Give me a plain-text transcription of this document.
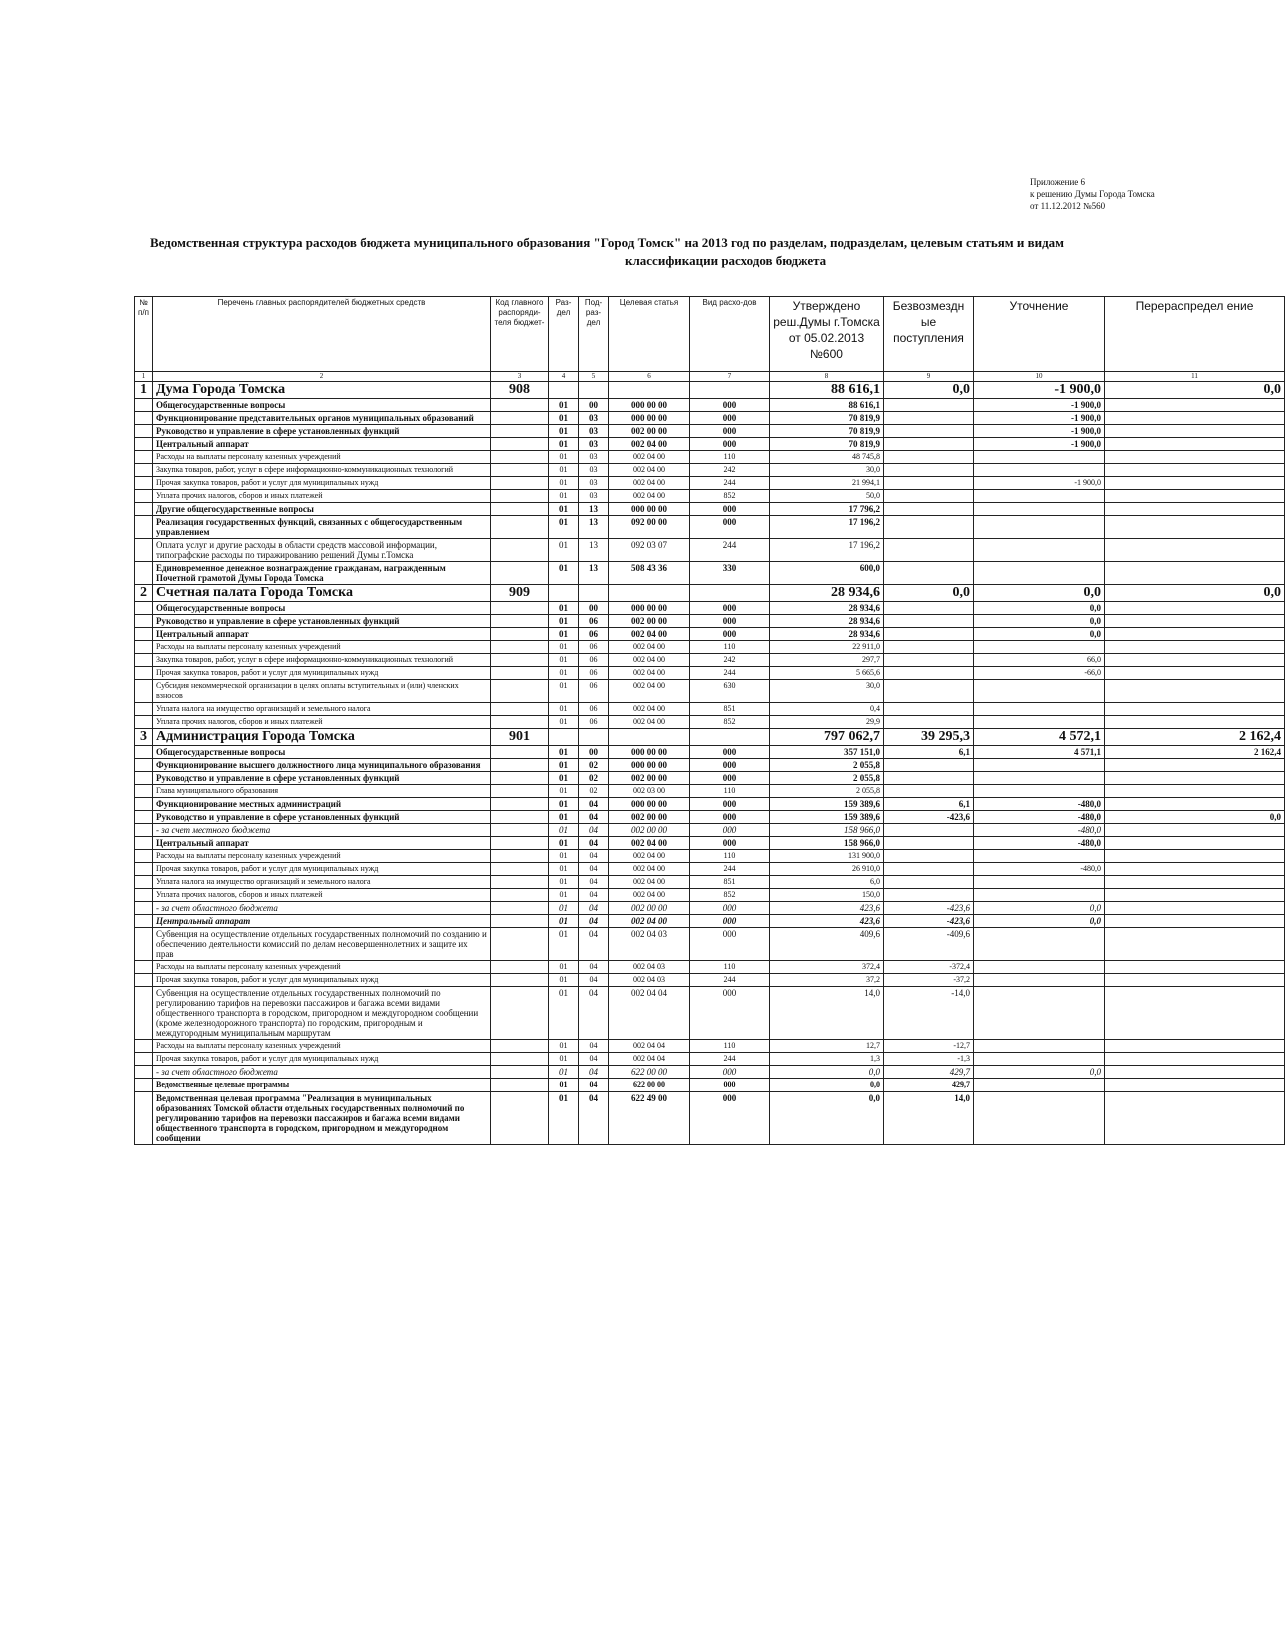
Приложение 6
к решению Думы Города Томска
от 11.12.2012 №560
Ведомственная структура расходов бюджета муниципального образования "Город Томск" на 2013 год по разделам, подразделам, целевым статьям и видам
классификации расходов бюджета
№ п/п	Перечень главных распорядителей бюджетных средств	Код главного распоряди-теля бюджет-	Раз-дел	Под-раз-дел	Целевая статья	Вид расхо-дов	Утверждено реш.Думы г.Томска от 05.02.2013 №600	Безвозмездн ые поступления	Уточнение	Перераспредел ение
1	2	3	4	5	6	7	8	9	10	11
1	Дума Города Томска	908					88 616,1	0,0	-1 900,0	0,0
	Общегосударственные вопросы		01	00	000 00 00	000	88 616,1		-1 900,0	
	Функционирование представительных органов муниципальных образований		01	03	000 00 00	000	70 819,9		-1 900,0	
	Руководство и управление в сфере установленных функций		01	03	002 00 00	000	70 819,9		-1 900,0	
	Центральный аппарат		01	03	002 04 00	000	70 819,9		-1 900,0	
	Расходы на выплаты персоналу казенных учреждений		01	03	002 04 00	110	48 745,8			
	Закупка товаров, работ, услуг в сфере информационно-коммуникационных технологий		01	03	002 04 00	242	30,0			
	Прочая закупка товаров, работ и услуг для муниципальных нужд		01	03	002 04 00	244	21 994,1		-1 900,0	
	Уплата прочих налогов, сборов и иных платежей		01	03	002 04 00	852	50,0			
	Другие общегосударственные вопросы		01	13	000 00 00	000	17 796,2			
	Реализация государственных функций, связанных с общегосударственным управлением		01	13	092 00 00	000	17 196,2			
	Оплата услуг и другие расходы в области средств массовой информации, типографские расходы по тиражированию решений Думы г.Томска		01	13	092 03 07	244	17 196,2			
	Единовременное денежное вознаграждение гражданам, награжденным Почетной грамотой Думы Города Томска		01	13	508 43 36	330	600,0			
2	Счетная палата Города Томска	909					28 934,6	0,0	0,0	0,0
	Общегосударственные вопросы		01	00	000 00 00	000	28 934,6		0,0	
	Руководство и управление в сфере установленных функций		01	06	002 00 00	000	28 934,6		0,0	
	Центральный аппарат		01	06	002 04 00	000	28 934,6		0,0	
	Расходы на выплаты персоналу казенных учреждений		01	06	002 04 00	110	22 911,0			
	Закупка товаров, работ, услуг в сфере информационно-коммуникационных технологий		01	06	002 04 00	242	297,7		66,0	
	Прочая закупка товаров, работ и услуг для муниципальных нужд		01	06	002 04 00	244	5 665,6		-66,0	
	Субсидия некоммерческой организации в целях оплаты вступительных и (или) членских взносов		01	06	002 04 00	630	30,0			
	Уплата налога на имущество организаций и земельного налога		01	06	002 04 00	851	0,4			
	Уплата прочих налогов, сборов и иных платежей		01	06	002 04 00	852	29,9			
3	Администрация Города Томска	901					797 062,7	39 295,3	4 572,1	2 162,4
	Общегосударственные вопросы		01	00	000 00 00	000	357 151,0	6,1	4 571,1	2 162,4
	Функционирование высшего должностного лица муниципального образования		01	02	000 00 00	000	2 055,8			
	Руководство и управление в сфере установленных функций		01	02	002 00 00	000	2 055,8			
	Глава муниципального образования		01	02	002 03 00	110	2 055,8			
	Функционирование местных администраций		01	04	000 00 00	000	159 389,6	6,1	-480,0	
	Руководство и управление в сфере установленных функций		01	04	002 00 00	000	159 389,6	-423,6	-480,0	0,0
	- за счет местного бюджета		01	04	002 00 00	000	158 966,0		-480,0	
	Центральный аппарат		01	04	002 04 00	000	158 966,0		-480,0	
	Расходы на выплаты персоналу казенных учреждений		01	04	002 04 00	110	131 900,0			
	Прочая закупка товаров, работ и услуг для муниципальных нужд		01	04	002 04 00	244	26 910,0		-480,0	
	Уплата налога на имущество организаций и земельного налога		01	04	002 04 00	851	6,0			
	Уплата прочих налогов, сборов и иных платежей		01	04	002 04 00	852	150,0			
	- за счет областного бюджета		01	04	002 00 00	000	423,6	-423,6	0,0	
	Центральный аппарат		01	04	002 04 00	000	423,6	-423,6	0,0	
	Субвенция на осуществление отдельных государственных полномочий по созданию и обеспечению деятельности комиссий по делам несовершеннолетних и защите их прав		01	04	002 04 03	000	409,6	-409,6		
	Расходы на выплаты персоналу казенных учреждений		01	04	002 04 03	110	372,4	-372,4		
	Прочая закупка товаров, работ и услуг для муниципальных нужд		01	04	002 04 03	244	37,2	-37,2		
	Субвенция на осуществление отдельных государственных полномочий по регулированию тарифов на перевозки пассажиров и багажа всеми видами общественного транспорта в городском, пригородном и междугородном сообщении (кроме железнодорожного транспорта) по городским, пригородным и междугородным муниципальным маршрутам		01	04	002 04 04	000	14,0	-14,0		
	Расходы на выплаты персоналу казенных учреждений		01	04	002 04 04	110	12,7	-12,7		
	Прочая закупка товаров, работ и услуг для муниципальных нужд		01	04	002 04 04	244	1,3	-1,3		
	- за счет областного бюджета		01	04	622 00 00	000	0,0	429,7	0,0	
	Ведомственные целевые программы		01	04	622 00 00	000	0,0	429,7		
	Ведомственная целевая программа "Реализация в муниципальных образованиях Томской области отдельных государственных полномочий по регулированию тарифов на перевозки пассажиров и багажа всеми видами общественного транспорта в городском, пригородном и междугородном сообщении		01	04	622 49 00	000	0,0	14,0		
